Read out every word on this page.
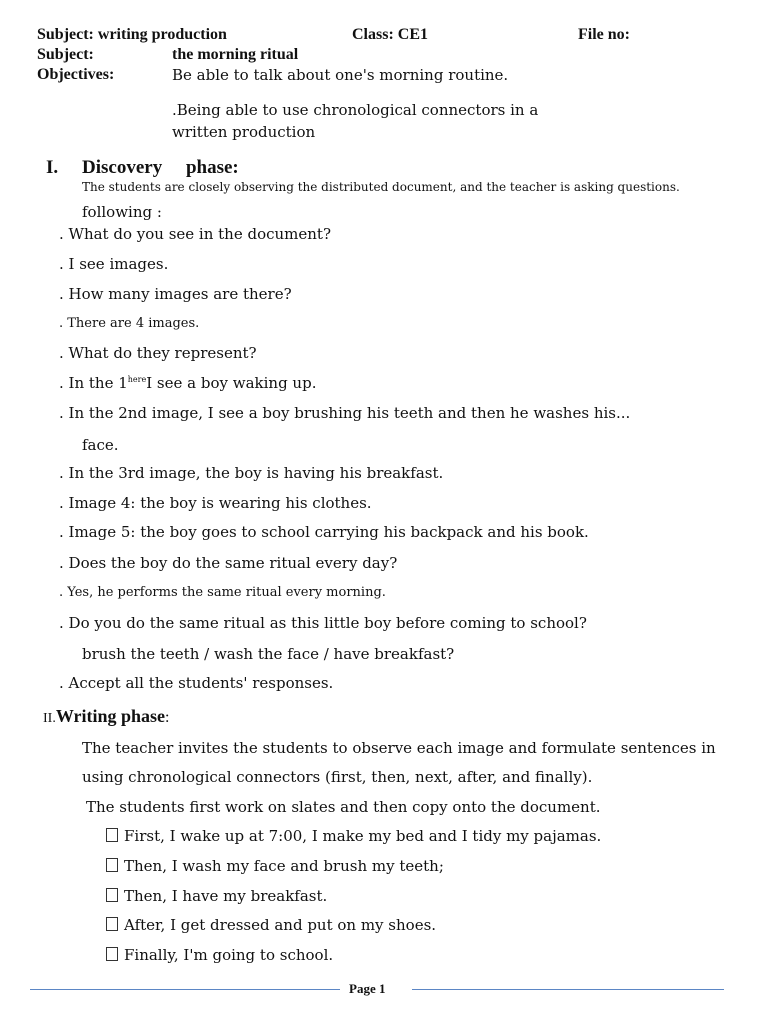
Subject: writing production	Class: CE1	File no:
Subject:	the morning ritual
Objectives:	Be able to talk about one's morning routine.
.Being able to use chronological connectors in a
written production
I. Discovery     phase:
The students are closely observing the distributed document, and the teacher is asking questions.
following :
. What do you see in the document?
. I see images.
. How many images are there?
. There are 4 images.
. What do they represent?
. In the $1^{here}I$ see a boy waking up.
. In the 2nd image, I see a boy brushing his teeth and then he washes his...
face.
. In the 3rd image, the boy is having his breakfast.
. Image 4: the boy is wearing his clothes.
. Image 5: the boy goes to school carrying his backpack and his book.
. Does the boy do the same ritual every day?
. Yes, he performs the same ritual every morning.
. Do you do the same ritual as this little boy before coming to school?
brush the teeth / wash the face / have breakfast?
. Accept all the students' responses.
II.Writing phase:
The teacher invites the students to observe each image and formulate sentences in
using chronological connectors (first, then, next, after, and finally).
The students first work on slates and then copy onto the document.
First, I wake up at 7:00, I make my bed and I tidy my pajamas.
Then, I wash my face and brush my teeth;
Then, I have my breakfast.
After, I get dressed and put on my shoes.
Finally, I'm going to school.
Page 1
